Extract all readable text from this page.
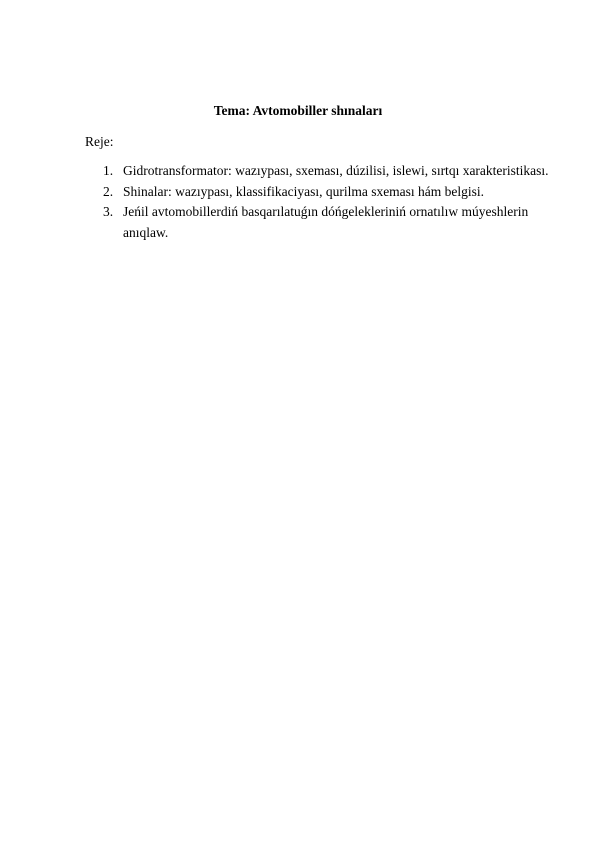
Tema: Avtomobiller shınaları
Reje:
1. Gidrotransformator: wazıypası, sxeması, dúzilisi, islewi, sırtqı xarakteristikası.
2. Shinalar: wazıypası, klassifikaciyası, qurilma sxeması hám belgisi.
3. Jeńil avtomobillerdiń basqarılatuǵın dóńgelekleriniń ornatılıw múyeshlerin anıqlaw.
